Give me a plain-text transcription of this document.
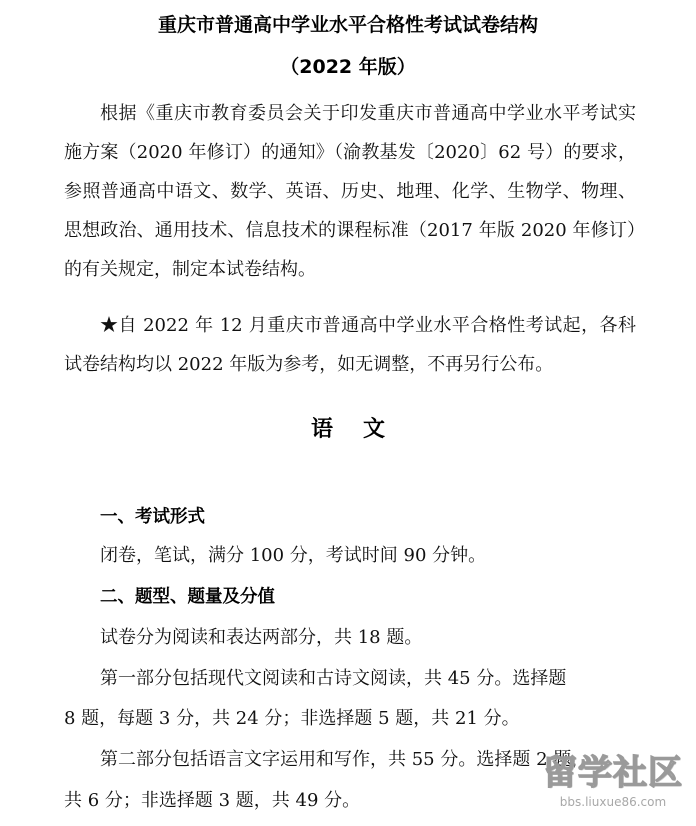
重庆市普通高中学业水平合格性考试试卷结构
（2022 年版）
根据《重庆市教育委员会关于印发重庆市普通高中学业水平考试实施方案（2020 年修订）的通知》（渝教基发〔2020〕62 号）的要求，参照普通高中语文、数学、英语、历史、地理、化学、生物学、物理、思想政治、通用技术、信息技术的课程标准（2017 年版 2020 年修订）的有关规定，制定本试卷结构。
★自 2022 年 12 月重庆市普通高中学业水平合格性考试起，各科试卷结构均以 2022 年版为参考，如无调整，不再另行公布。
语文
一、考试形式
闭卷，笔试，满分 100 分，考试时间 90 分钟。
二、题型、题量及分值
试卷分为阅读和表达两部分，共 18 题。
第一部分包括现代文阅读和古诗文阅读，共 45 分。选择题
8 题，每题 3 分，共 24 分；非选择题 5 题，共 21 分。
第二部分包括语言文字运用和写作，共 55 分。选择题 2 题，
共 6 分；非选择题 3 题，共 49 分。
留学社区
bbs.liuxue86.com
